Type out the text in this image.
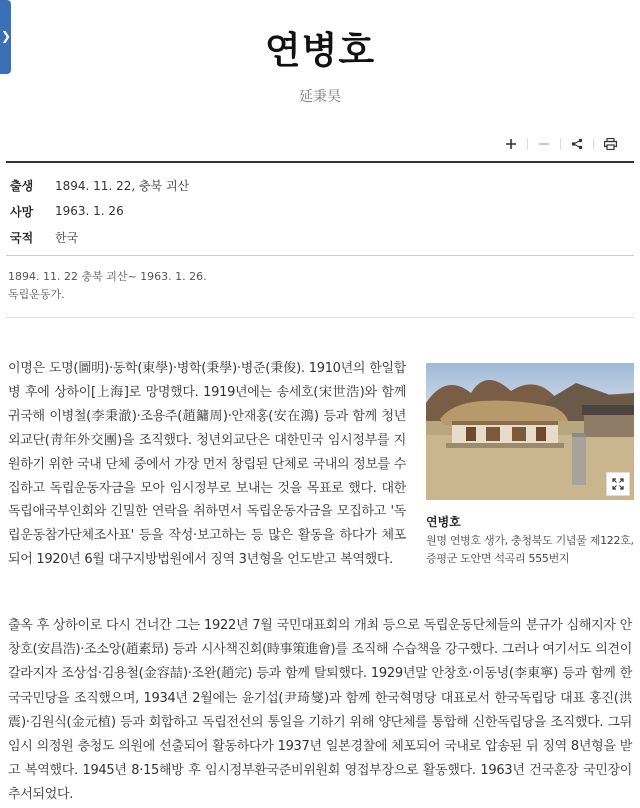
❯	연병호
延秉昊
출생	1894. 11. 22, 충북 괴산
사망	1963. 1. 26
국적	한국
1894. 11. 22 충북 괴산~ 1963. 1. 26.
독립운동가.
연병호
원명 연병호 생가, 충청북도 기념물 제122호, 증평군 도안면 석곡리 555번지
이명은 도명(圖明)·동학(東學)·병학(秉學)·병준(秉俊). 1910년의 한일합병 후에 상하이[上海]로 망명했다. 1919년에는 송세호(宋世浩)와 함께 귀국해 이병철(李秉澈)·조용주(趙鏞周)·안재홍(安在鴻) 등과 함께 청년외교단(靑年外交團)을 조직했다. 청년외교단은 대한민국 임시정부를 지원하기 위한 국내 단체 중에서 가장 먼저 창립된 단체로 국내의 정보를 수집하고 독립운동자금을 모아 임시정부로 보내는 것을 목표로 했다. 대한독립애국부인회와 긴밀한 연락을 취하면서 독립운동자금을 모집하고 '독립운동참가단체조사표' 등을 작성·보고하는 등 많은 활동을 하다가 체포되어 1920년 6월 대구지방법원에서 징역 3년형을 언도받고 복역했다.
출옥 후 상하이로 다시 건너간 그는 1922년 7월 국민대표회의 개최 등으로 독립운동단체들의 분규가 심해지자 안창호(安昌浩)·조소앙(趙素昻) 등과 시사책진회(時事策進會)를 조직해 수습책을 강구했다. 그러나 여기서도 의견이 갈라지자 조상섭·김용철(金容喆)·조완(趙完) 등과 함께 탈퇴했다. 1929년말 안창호·이동녕(李東寧) 등과 함께 한국국민당을 조직했으며, 1934년 2월에는 윤기섭(尹琦燮)과 함께 한국혁명당 대표로서 한국독립당 대표 홍진(洪震)·김원식(金元植) 등과 회합하고 독립전선의 통일을 기하기 위해 양단체를 통합해 신한독립당을 조직했다. 그뒤 임시 의정원 충청도 의원에 선출되어 활동하다가 1937년 일본경찰에 체포되어 국내로 압송된 뒤 징역 8년형을 받고 복역했다. 1945년 8·15해방 후 임시정부환국준비위원회 영접부장으로 활동했다. 1963년 건국훈장 국민장이 추서되었다.
